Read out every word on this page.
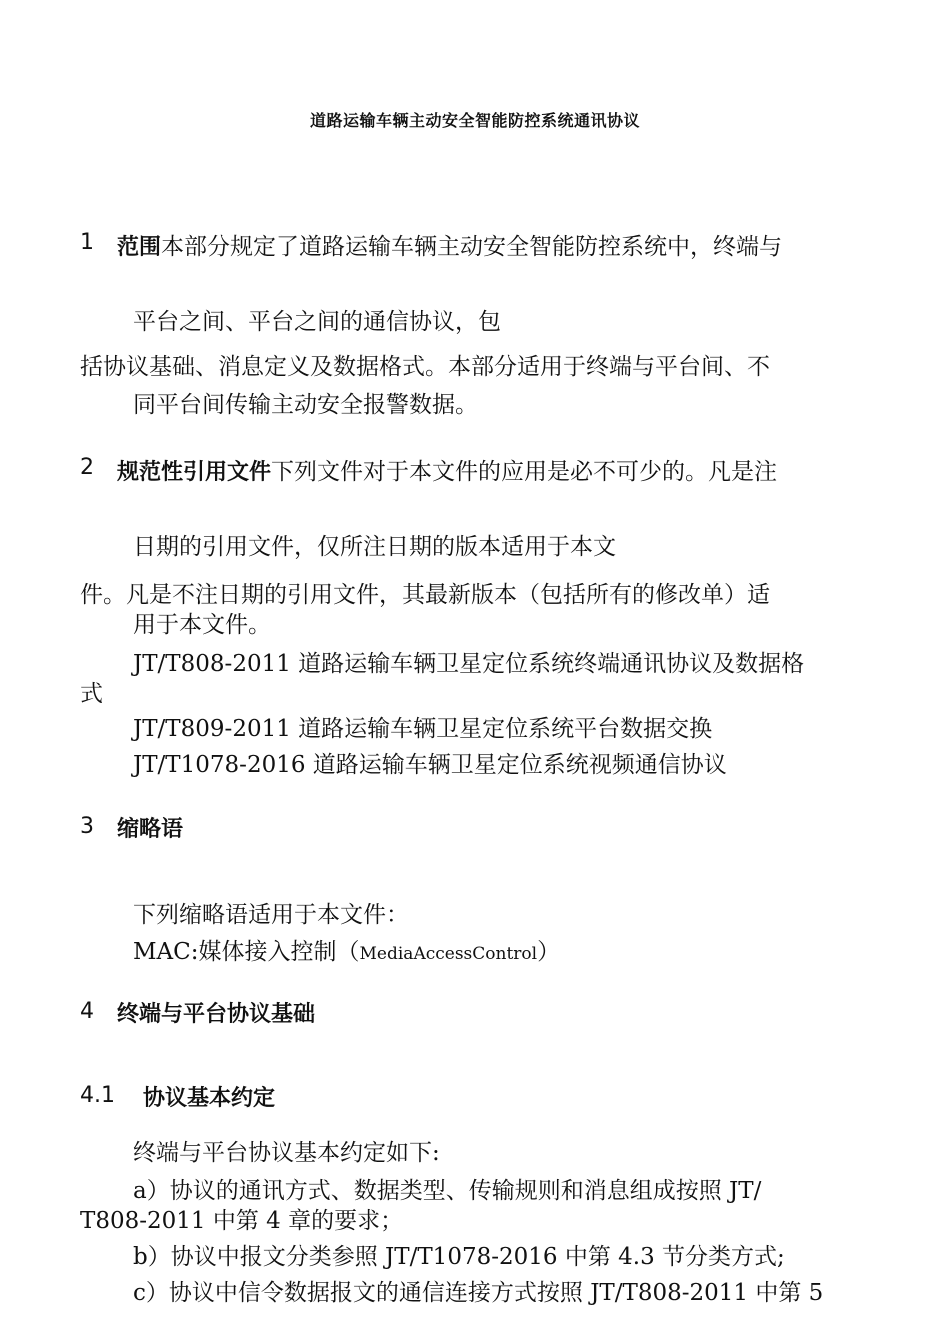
道路运输车辆主动安全智能防控系统通讯协议
1 范围本部分规定了道路运输车辆主动安全智能防控系统中，终端与
平台之间、平台之间的通信协议，包
括协议基础、消息定义及数据格式。本部分适用于终端与平台间、不
同平台间传输主动安全报警数据。
2 规范性引用文件下列文件对于本文件的应用是必不可少的。凡是注
日期的引用文件，仅所注日期的版本适用于本文
件。凡是不注日期的引用文件，其最新版本（包括所有的修改单）适
用于本文件。
JT/T808-2011 道路运输车辆卫星定位系统终端通讯协议及数据格
式
JT/T809-2011 道路运输车辆卫星定位系统平台数据交换
JT/T1078-2016 道路运输车辆卫星定位系统视频通信协议
3 缩略语
下列缩略语适用于本文件：
MAC:媒体接入控制（MediaAccessControl）
4 终端与平台协议基础
4.1 协议基本约定
终端与平台协议基本约定如下:
a）协议的通讯方式、数据类型、传输规则和消息组成按照 JT/
T808-2011 中第 4 章的要求；
b）协议中报文分类参照 JT/T1078-2016 中第 4.3 节分类方式;
c）协议中信令数据报文的通信连接方式按照 JT/T808-2011 中第 5
